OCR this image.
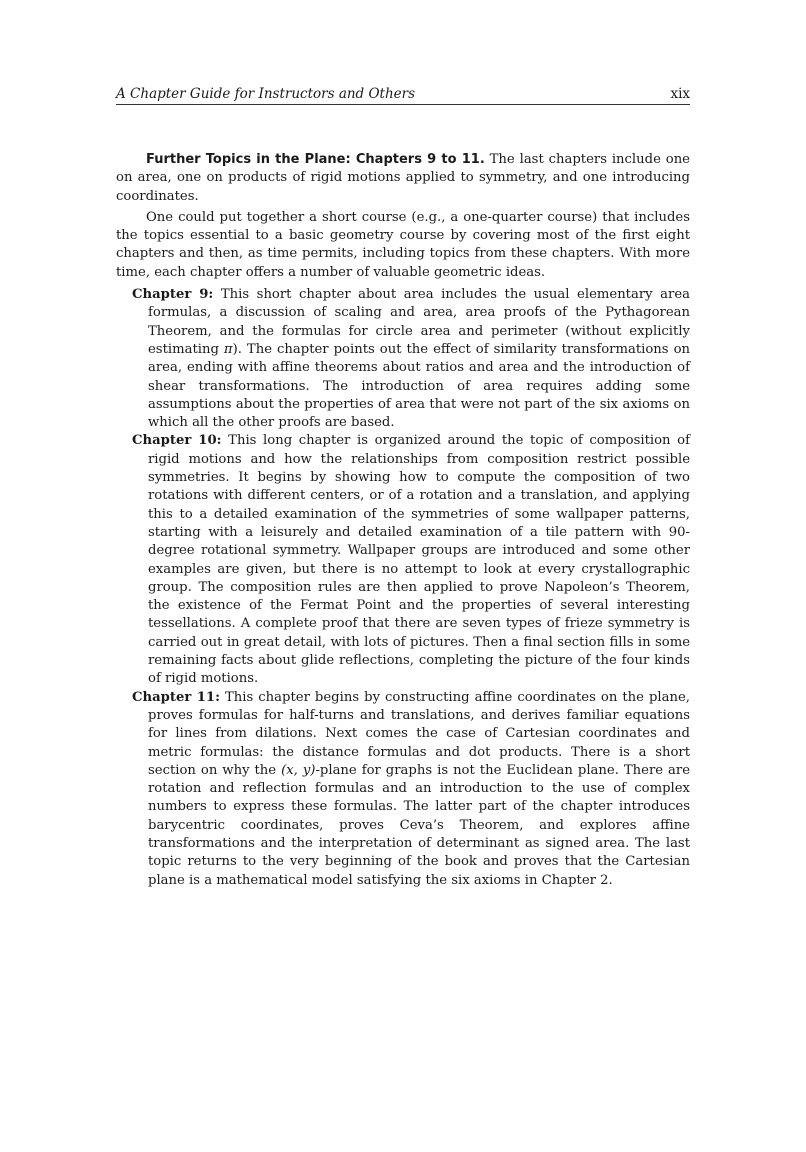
A Chapter Guide for Instructors and Others	xix

Further Topics in the Plane: Chapters 9 to 11. The last chapters include one on area, one on products of rigid motions applied to symmetry, and one introducing coordinates.

One could put together a short course (e.g., a one-quarter course) that includes the topics essential to a basic geometry course by covering most of the first eight chapters and then, as time permits, including topics from these chapters. With more time, each chapter offers a number of valuable geometric ideas.

Chapter 9: This short chapter about area includes the usual elementary area formulas, a discussion of scaling and area, area proofs of the Pythagorean Theorem, and the formulas for circle area and perimeter (without explicitly estimating π). The chapter points out the effect of similarity transformations on area, ending with affine theorems about ratios and area and the introduction of shear transformations. The introduction of area requires adding some assumptions about the properties of area that were not part of the six axioms on which all the other proofs are based.

Chapter 10: This long chapter is organized around the topic of composition of rigid motions and how the relationships from composition restrict possible symmetries. It begins by showing how to compute the composition of two rotations with different centers, or of a rotation and a translation, and applying this to a detailed examination of the symmetries of some wallpaper patterns, starting with a leisurely and detailed examination of a tile pattern with 90-degree rotational symmetry. Wallpaper groups are introduced and some other examples are given, but there is no attempt to look at every crystallographic group. The composition rules are then applied to prove Napoleon’s Theorem, the existence of the Fermat Point and the properties of several interesting tessellations. A complete proof that there are seven types of frieze symmetry is carried out in great detail, with lots of pictures. Then a final section fills in some remaining facts about glide reflections, completing the picture of the four kinds of rigid motions.

Chapter 11: This chapter begins by constructing affine coordinates on the plane, proves formulas for half-turns and translations, and derives familiar equations for lines from dilations. Next comes the case of Cartesian coordinates and metric formulas: the distance formulas and dot products. There is a short section on why the (x, y)-plane for graphs is not the Euclidean plane. There are rotation and reflection formulas and an introduction to the use of complex numbers to express these formulas. The latter part of the chapter introduces barycentric coordinates, proves Ceva’s Theorem, and explores affine transformations and the interpretation of determinant as signed area. The last topic returns to the very beginning of the book and proves that the Cartesian plane is a mathematical model satisfying the six axioms in Chapter 2.
